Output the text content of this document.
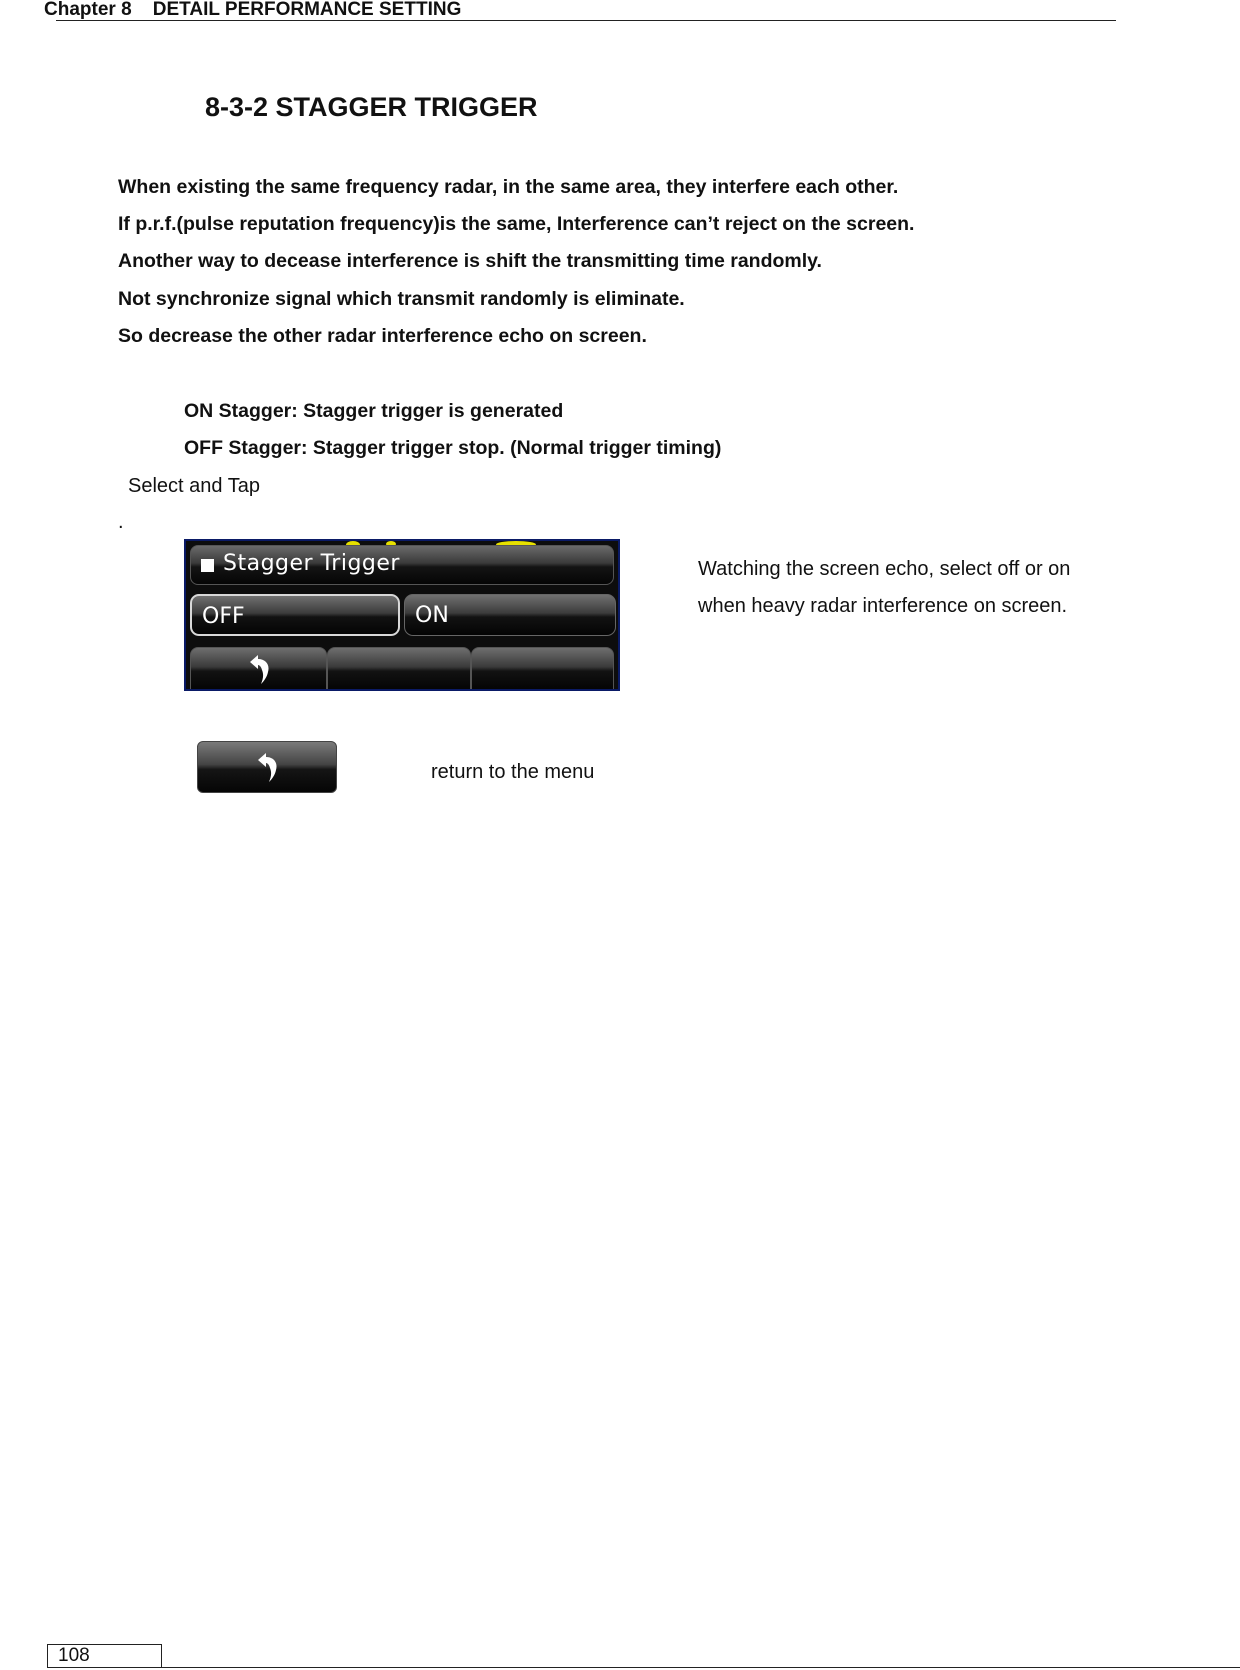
Chapter 8 DETAIL PERFORMANCE SETTING
8-3-2 STAGGER TRIGGER
When existing the same frequency radar, in the same area, they interfere each other.
If p.r.f.(pulse reputation frequency)is the same, Interference can’t reject on the screen.
Another way to decease interference is shift the transmitting time randomly.
Not synchronize signal which transmit randomly is eliminate.
So decrease the other radar interference echo on screen.
ON Stagger: Stagger trigger is generated
OFF Stagger: Stagger trigger stop. (Normal trigger timing)
Select and Tap
.
Stagger Trigger
OFF	ON
Watching the screen echo, select off or on
when heavy radar interference on screen.
return to the menu
108
